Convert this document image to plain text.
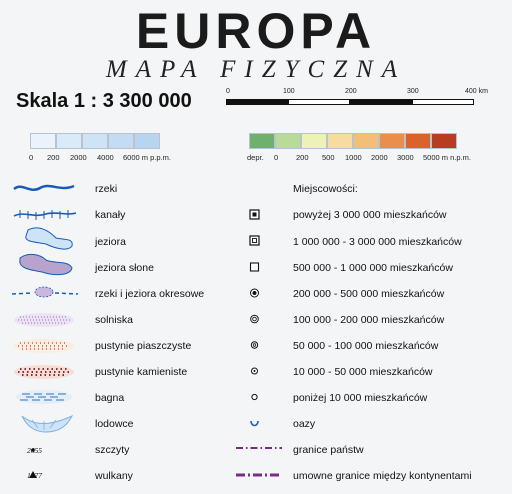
EUROPA
MAPA FIZYCZNA
Skala 1 : 3 300 000	0	100	200	300	400 km
0 200 2000 4000 6000 m p.p.m.	depr. 0 200 500 1000 2000 3000 5000 m n.p.m.
2655
1277
rzeki
kanały
jeziora
jeziora słone
rzeki i jeziora okresowe
solniska
pustynie piaszczyste
pustynie kamieniste
bagna
lodowce
szczyty
wulkany
Miejscowości:
powyżej 3 000 000 mieszkańców
1 000 000 - 3 000 000 mieszkańców
500 000 - 1 000 000 mieszkańców
200 000 - 500 000 mieszkańców
100 000 - 200 000 mieszkańców
50 000 - 100 000 mieszkańców
10 000 - 50 000 mieszkańców
poniżej 10 000 mieszkańców
oazy
granice państw
umowne granice między kontynentami
